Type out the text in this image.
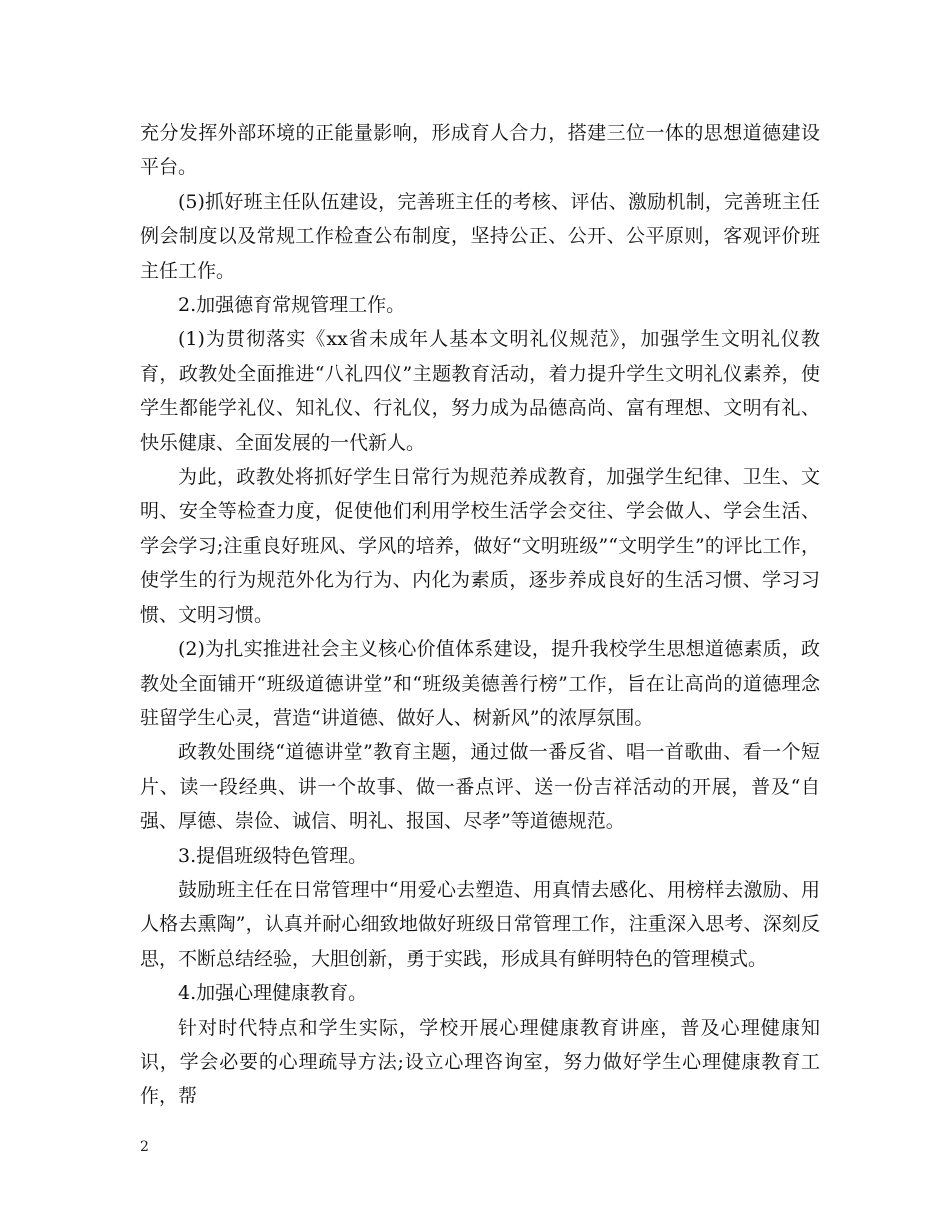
充分发挥外部环境的正能量影响，形成育人合力，搭建三位一体的思想道德建设平台。

(5)抓好班主任队伍建设，完善班主任的考核、评估、激励机制，完善班主任例会制度以及常规工作检查公布制度，坚持公正、公开、公平原则，客观评价班主任工作。

2.加强德育常规管理工作。

(1)为贯彻落实《xx省未成年人基本文明礼仪规范》，加强学生文明礼仪教育，政教处全面推进“八礼四仪”主题教育活动，着力提升学生文明礼仪素养，使学生都能学礼仪、知礼仪、行礼仪，努力成为品德高尚、富有理想、文明有礼、快乐健康、全面发展的一代新人。

为此，政教处将抓好学生日常行为规范养成教育，加强学生纪律、卫生、文明、安全等检查力度，促使他们利用学校生活学会交往、学会做人、学会生活、学会学习;注重良好班风、学风的培养，做好“文明班级”“文明学生”的评比工作，使学生的行为规范外化为行为、内化为素质，逐步养成良好的生活习惯、学习习惯、文明习惯。

(2)为扎实推进社会主义核心价值体系建设，提升我校学生思想道德素质，政教处全面铺开“班级道德讲堂”和“班级美德善行榜”工作，旨在让高尚的道德理念驻留学生心灵，营造“讲道德、做好人、树新风”的浓厚氛围。

政教处围绕“道德讲堂”教育主题，通过做一番反省、唱一首歌曲、看一个短片、读一段经典、讲一个故事、做一番点评、送一份吉祥活动的开展，普及“自强、厚德、崇俭、诚信、明礼、报国、尽孝”等道德规范。

3.提倡班级特色管理。

鼓励班主任在日常管理中“用爱心去塑造、用真情去感化、用榜样去激励、用人格去熏陶”，认真并耐心细致地做好班级日常管理工作，注重深入思考、深刻反思，不断总结经验，大胆创新，勇于实践，形成具有鲜明特色的管理模式。

4.加强心理健康教育。

针对时代特点和学生实际，学校开展心理健康教育讲座，普及心理健康知识，学会必要的心理疏导方法;设立心理咨询室，努力做好学生心理健康教育工作，帮

2
